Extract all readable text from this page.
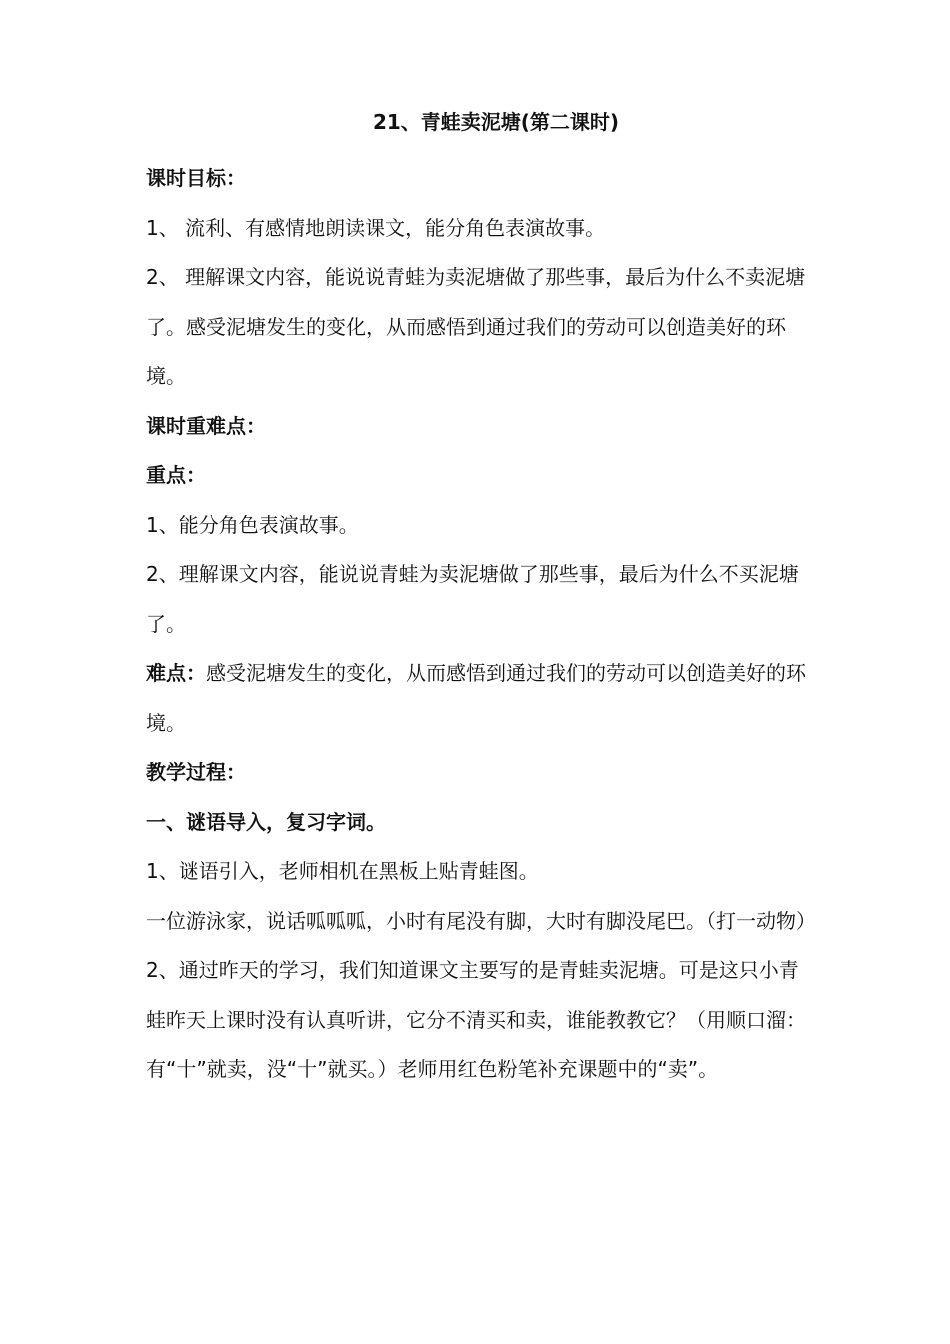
21、青蛙卖泥塘(第二课时)

课时目标：

1、 流利、有感情地朗读课文，能分角色表演故事。

2、 理解课文内容，能说说青蛙为卖泥塘做了那些事，最后为什么不卖泥塘了。感受泥塘发生的变化，从而感悟到通过我们的劳动可以创造美好的环境。

课时重难点：

重点：

1、能分角色表演故事。

2、理解课文内容，能说说青蛙为卖泥塘做了那些事，最后为什么不买泥塘了。

难点：感受泥塘发生的变化，从而感悟到通过我们的劳动可以创造美好的环境。

教学过程：

一、谜语导入，复习字词。

1、谜语引入，老师相机在黑板上贴青蛙图。

一位游泳家，说话呱呱呱，小时有尾没有脚，大时有脚没尾巴。（打一动物）

2、通过昨天的学习，我们知道课文主要写的是青蛙卖泥塘。可是这只小青蛙昨天上课时没有认真听讲，它分不清买和卖，谁能教教它？（用顺口溜：有“十”就卖，没“十”就买。）老师用红色粉笔补充课题中的“卖”。
